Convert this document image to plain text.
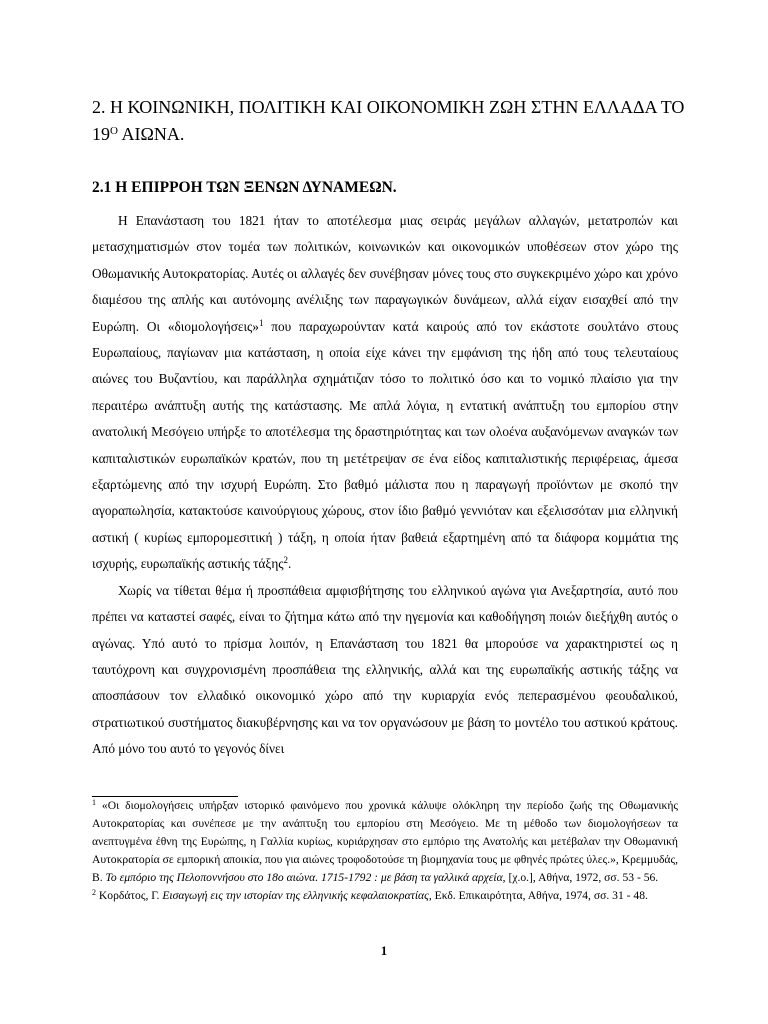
2. Η ΚΟΙΝΩΝΙΚΗ, ΠΟΛΙΤΙΚΗ ΚΑΙ ΟΙΚΟΝΟΜΙΚΗ ΖΩΗ ΣΤΗΝ ΕΛΛΑΔΑ ΤΟ $19^O$ ΑΙΩΝΑ.
2.1 Η ΕΠΙΡΡΟΗ ΤΩΝ ΞΕΝΩΝ ΔΥΝΑΜΕΩΝ.

Η Επανάσταση του 1821 ήταν το αποτέλεσμα μιας σειράς μεγάλων αλλαγών, μετατροπών και μετασχηματισμών στον τομέα των πολιτικών, κοινωνικών και οικονομικών υποθέσεων στον χώρο της Οθωμανικής Αυτοκρατορίας. Αυτές οι αλλαγές δεν συνέβησαν μόνες τους στο συγκεκριμένο χώρο και χρόνο διαμέσου της απλής και αυτόνομης ανέλιξης των παραγωγικών δυνάμεων, αλλά είχαν εισαχθεί από την Ευρώπη. Οι «διομολογήσεις»$^1$ που παραχωρούνταν κατά καιρούς από τον εκάστοτε σουλτάνο στους Ευρωπαίους, παγίωναν μια κατάσταση, η οποία είχε κάνει την εμφάνιση της ήδη από τους τελευταίους αιώνες του Βυζαντίου, και παράλληλα σχημάτιζαν τόσο το πολιτικό όσο και το νομικό πλαίσιο για την περαιτέρω ανάπτυξη αυτής της κατάστασης. Με απλά λόγια, η εντατική ανάπτυξη του εμπορίου στην ανατολική Μεσόγειο υπήρξε το αποτέλεσμα της δραστηριότητας και των ολοένα αυξανόμενων αναγκών των καπιταλιστικών ευρωπαϊκών κρατών, που τη μετέτρεψαν σε ένα είδος καπιταλιστικής περιφέρειας, άμεσα εξαρτώμενης από την ισχυρή Ευρώπη. Στο βαθμό μάλιστα που η παραγωγή προϊόντων με σκοπό την αγοραπωλησία, κατακτούσε καινούργιους χώρους, στον ίδιο βαθμό γεννιόταν και εξελισσόταν μια ελληνική αστική ( κυρίως εμπορομεσιτική ) τάξη, η οποία ήταν βαθειά εξαρτημένη από τα διάφορα κομμάτια της ισχυρής, ευρωπαϊκής αστικής τάξης$^2$.

Χωρίς να τίθεται θέμα ή προσπάθεια αμφισβήτησης του ελληνικού αγώνα για Ανεξαρτησία, αυτό που πρέπει να καταστεί σαφές, είναι το ζήτημα κάτω από την ηγεμονία και καθοδήγηση ποιών διεξήχθη αυτός ο αγώνας. Υπό αυτό το πρίσμα λοιπόν, η Επανάσταση του 1821 θα μπορούσε να χαρακτηριστεί ως η ταυτόχρονη και συγχρονισμένη προσπάθεια της ελληνικής, αλλά και της ευρωπαϊκής αστικής τάξης να αποσπάσουν τον ελλαδικό οικονομικό χώρο από την κυριαρχία ενός πεπερασμένου φεουδαλικού, στρατιωτικού συστήματος διακυβέρνησης και να τον οργανώσουν με βάση το μοντέλο του αστικού κράτους. Από μόνο του αυτό το γεγονός δίνει

$^1$ «Οι διομολογήσεις υπήρξαν ιστορικό φαινόμενο που χρονικά κάλυψε ολόκληρη την περίοδο ζωής της Οθωμανικής Αυτοκρατορίας και συνέπεσε με την ανάπτυξη του εμπορίου στη Μεσόγειο. Με τη μέθοδο των διομολογήσεων τα ανεπτυγμένα έθνη της Ευρώπης, η Γαλλία κυρίως, κυριάρχησαν στο εμπόριο της Ανατολής και μετέβαλαν την Οθωμανική Αυτοκρατορία σε εμπορική αποικία, που για αιώνες τροφοδοτούσε τη βιομηχανία τους με φθηνές πρώτες ύλες.», Κρεμμυδάς, Β. Το εμπόριο της Πελοποννήσου στο 18ο αιώνα. 1715-1792 : με βάση τα γαλλικά αρχεία, [χ.ο.], Αθήνα, 1972, σσ. 53 - 56.

$^2$ Κορδάτος, Γ. Εισαγωγή εις την ιστορίαν της ελληνικής κεφαλαιοκρατίας, Εκδ. Επικαιρότητα, Αθήνα, 1974, σσ. 31 - 48.

1
